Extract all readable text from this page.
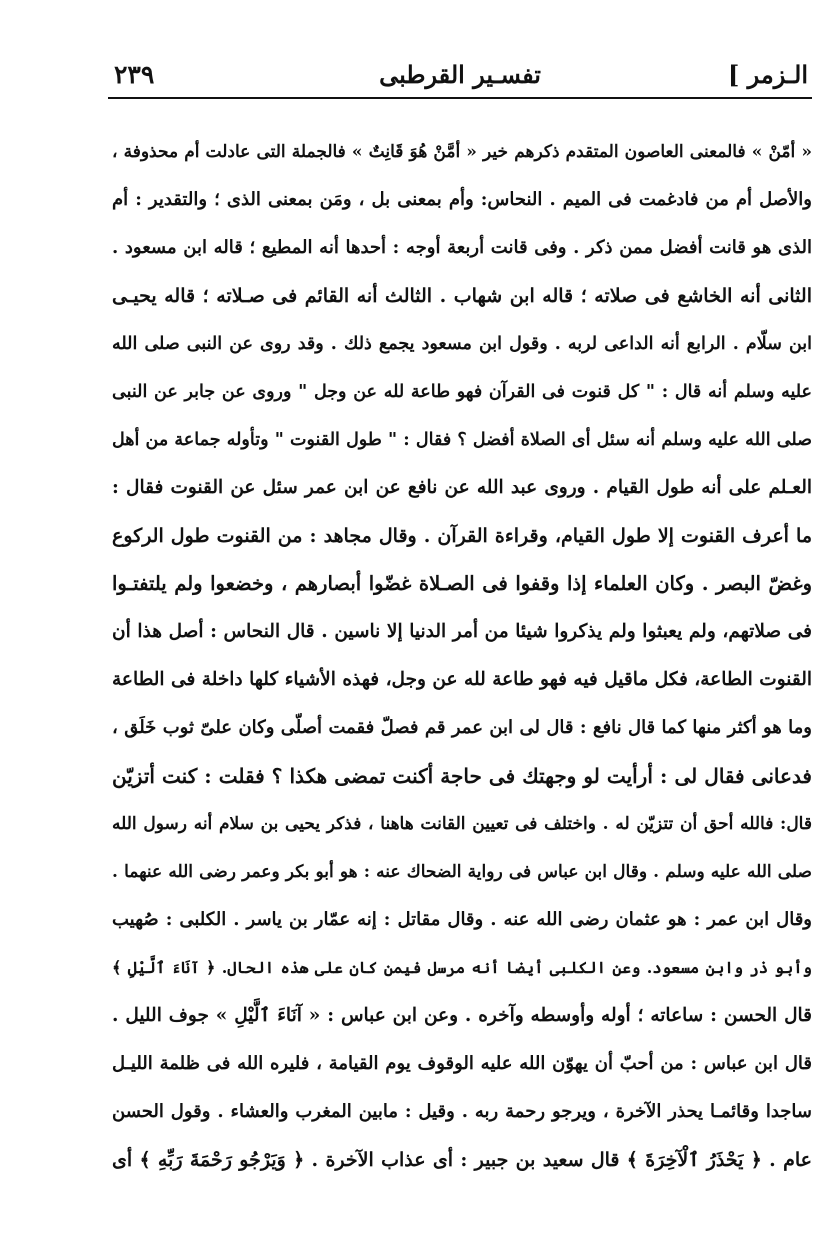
٢٣٩	تفسـير القرطبى	الـزمر ]
« أمّنْ » فالمعنى العاصون المتقدم ذكرهم خير « أمَّنْ هُوَ قَانِتٌ » فالجملة التى عادلت أم محذوفة ،
والأصل أم من فادغمت فى الميم . النحاس: وأم بمعنى بل ، ومَن بمعنى الذى ؛ والتقدير : أم
الذى هو قانت أفضل ممن ذكر . وفى قانت أربعة أوجه : أحدها أنه المطيع ؛ قاله ابن مسعود .
الثانى أنه الخاشع فى صلاته ؛ قاله ابن شهاب . الثالث أنه القائم فى صـلاته ؛ قاله يحيـى
ابن سلّام . الرابع أنه الداعى لربه . وقول ابن مسعود يجمع ذلك . وقد روى عن النبى صلى الله
عليه وسلم أنه قال : " كل قنوت فى القرآن فهو طاعة لله عن وجل " وروى عن جابر عن النبى
صلى الله عليه وسلم أنه سئل أى الصلاة أفضل ؟ فقال : " طول القنوت " وتأوله جماعة من أهل
العـلم على أنه طول القيام . وروى عبد الله عن نافع عن ابن عمر سئل عن القنوت فقال :
ما أعرف القنوت إلا طول القيام، وقراءة القرآن . وقال مجاهد : من القنوت طول الركوع
وغضّ البصر . وكان العلماء إذا وقفوا فى الصـلاة غضّوا أبصارهم ، وخضعوا ولم يلتفتـوا
فى صلاتهم، ولم يعبثوا ولم يذكروا شيئا من أمر الدنيا إلا ناسين . قال النحاس : أصل هذا أن
القنوت الطاعة، فكل ماقيل فيه فهو طاعة لله عن وجل، فهذه الأشياء كلها داخلة فى الطاعة
وما هو أكثر منها كما قال نافع : قال لى ابن عمر قم فصلّ فقمت أصلّى وكان علىّ ثوب خَلَق ،
فدعانى فقال لى : أرأيت لو وجهتك فى حاجة أكنت تمضى هكذا ؟ فقلت : كنت أتزيّن
قال: فالله أحق أن تتزيّن له . واختلف فى تعيين القانت هاهنا ، فذكر يحيى بن سلام أنه رسول الله
صلى الله عليه وسلم . وقال ابن عباس فى رواية الضحاك عنه : هو أبو بكر وعمر رضى الله عنهما .
وقال ابن عمر : هو عثمان رضى الله عنه . وقال مقاتل : إنه عمّار بن ياسر . الكلبى : صُهيب
وأبو ذر وابن مسعود. وعن الكلبى أيضا أنه مرسل فيمن كان على هذه الحال. ﴿ آنَاءَ ٱلَّيْلِ ﴾
قال الحسن : ساعاته ؛ أوله وأوسطه وآخره . وعن ابن عباس : « آنَاءَ ٱلَّيْلِ » جوف الليل .
قال ابن عباس : من أحبّ أن يهوّن الله عليه الوقوف يوم القيامة ، فليره الله فى ظلمة الليـل
ساجدا وقائمـا يحذر الآخرة ، ويرجو رحمة ربه . وقيل : مابين المغرب والعشاء . وقول الحسن
عام . ﴿ يَحْذَرُ ٱلْآخِرَةَ ﴾ قال سعيد بن جبير : أى عذاب الآخرة . ﴿ وَيَرْجُو رَحْمَةَ رَبِّهِ ﴾ أى
